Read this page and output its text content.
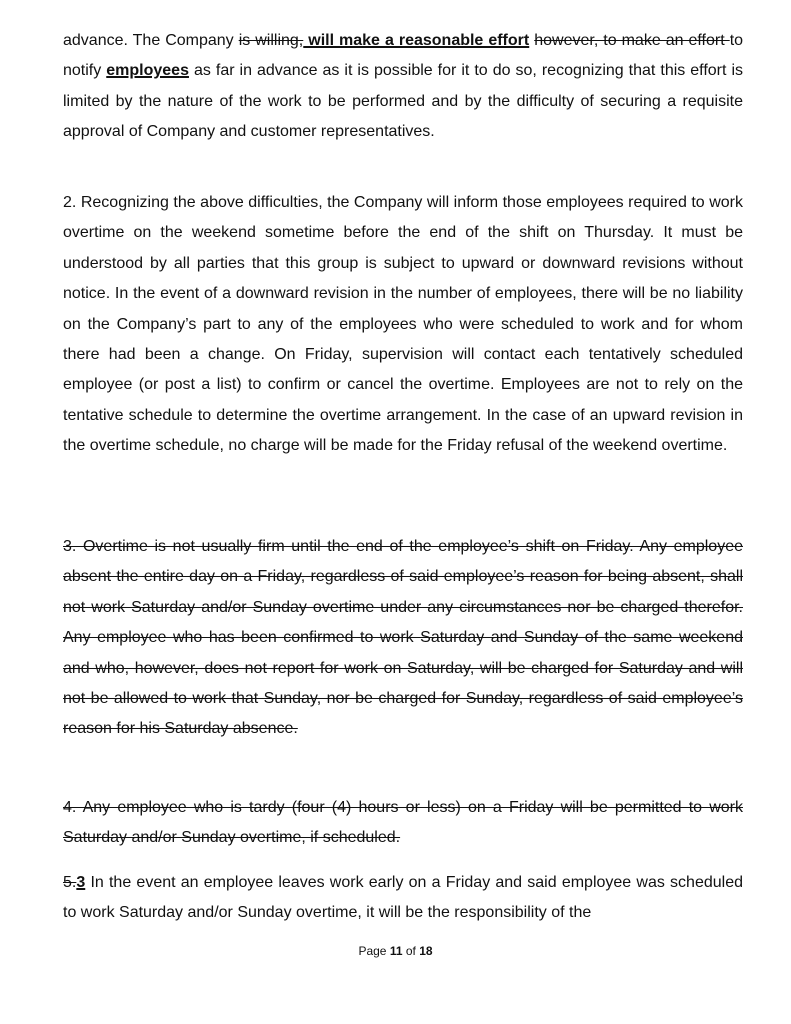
advance. The Company is willing, will make a reasonable effort however, to make an effort to notify employees as far in advance as it is possible for it to do so, recognizing that this effort is limited by the nature of the work to be performed and by the difficulty of securing a requisite approval of Company and customer representatives.

2. Recognizing the above difficulties, the Company will inform those employees required to work overtime on the weekend sometime before the end of the shift on Thursday. It must be understood by all parties that this group is subject to upward or downward revisions without notice. In the event of a downward revision in the number of employees, there will be no liability on the Company’s part to any of the employees who were scheduled to work and for whom there had been a change. On Friday, supervision will contact each tentatively scheduled employee (or post a list) to confirm or cancel the overtime. Employees are not to rely on the tentative schedule to determine the overtime arrangement. In the case of an upward revision in the overtime schedule, no charge will be made for the Friday refusal of the weekend overtime.

3. Overtime is not usually firm until the end of the employee’s shift on Friday. Any employee absent the entire day on a Friday, regardless of said employee’s reason for being absent, shall not work Saturday and/or Sunday overtime under any circumstances nor be charged therefor. Any employee who has been confirmed to work Saturday and Sunday of the same weekend and who, however, does not report for work on Saturday, will be charged for Saturday and will not be allowed to work that Sunday, nor be charged for Sunday, regardless of said employee’s reason for his Saturday absence.

4. Any employee who is tardy (four (4) hours or less) on a Friday will be permitted to work Saturday and/or Sunday overtime, if scheduled.

5.3 In the event an employee leaves work early on a Friday and said employee was scheduled to work Saturday and/or Sunday overtime, it will be the responsibility of the

Page 11 of 18
